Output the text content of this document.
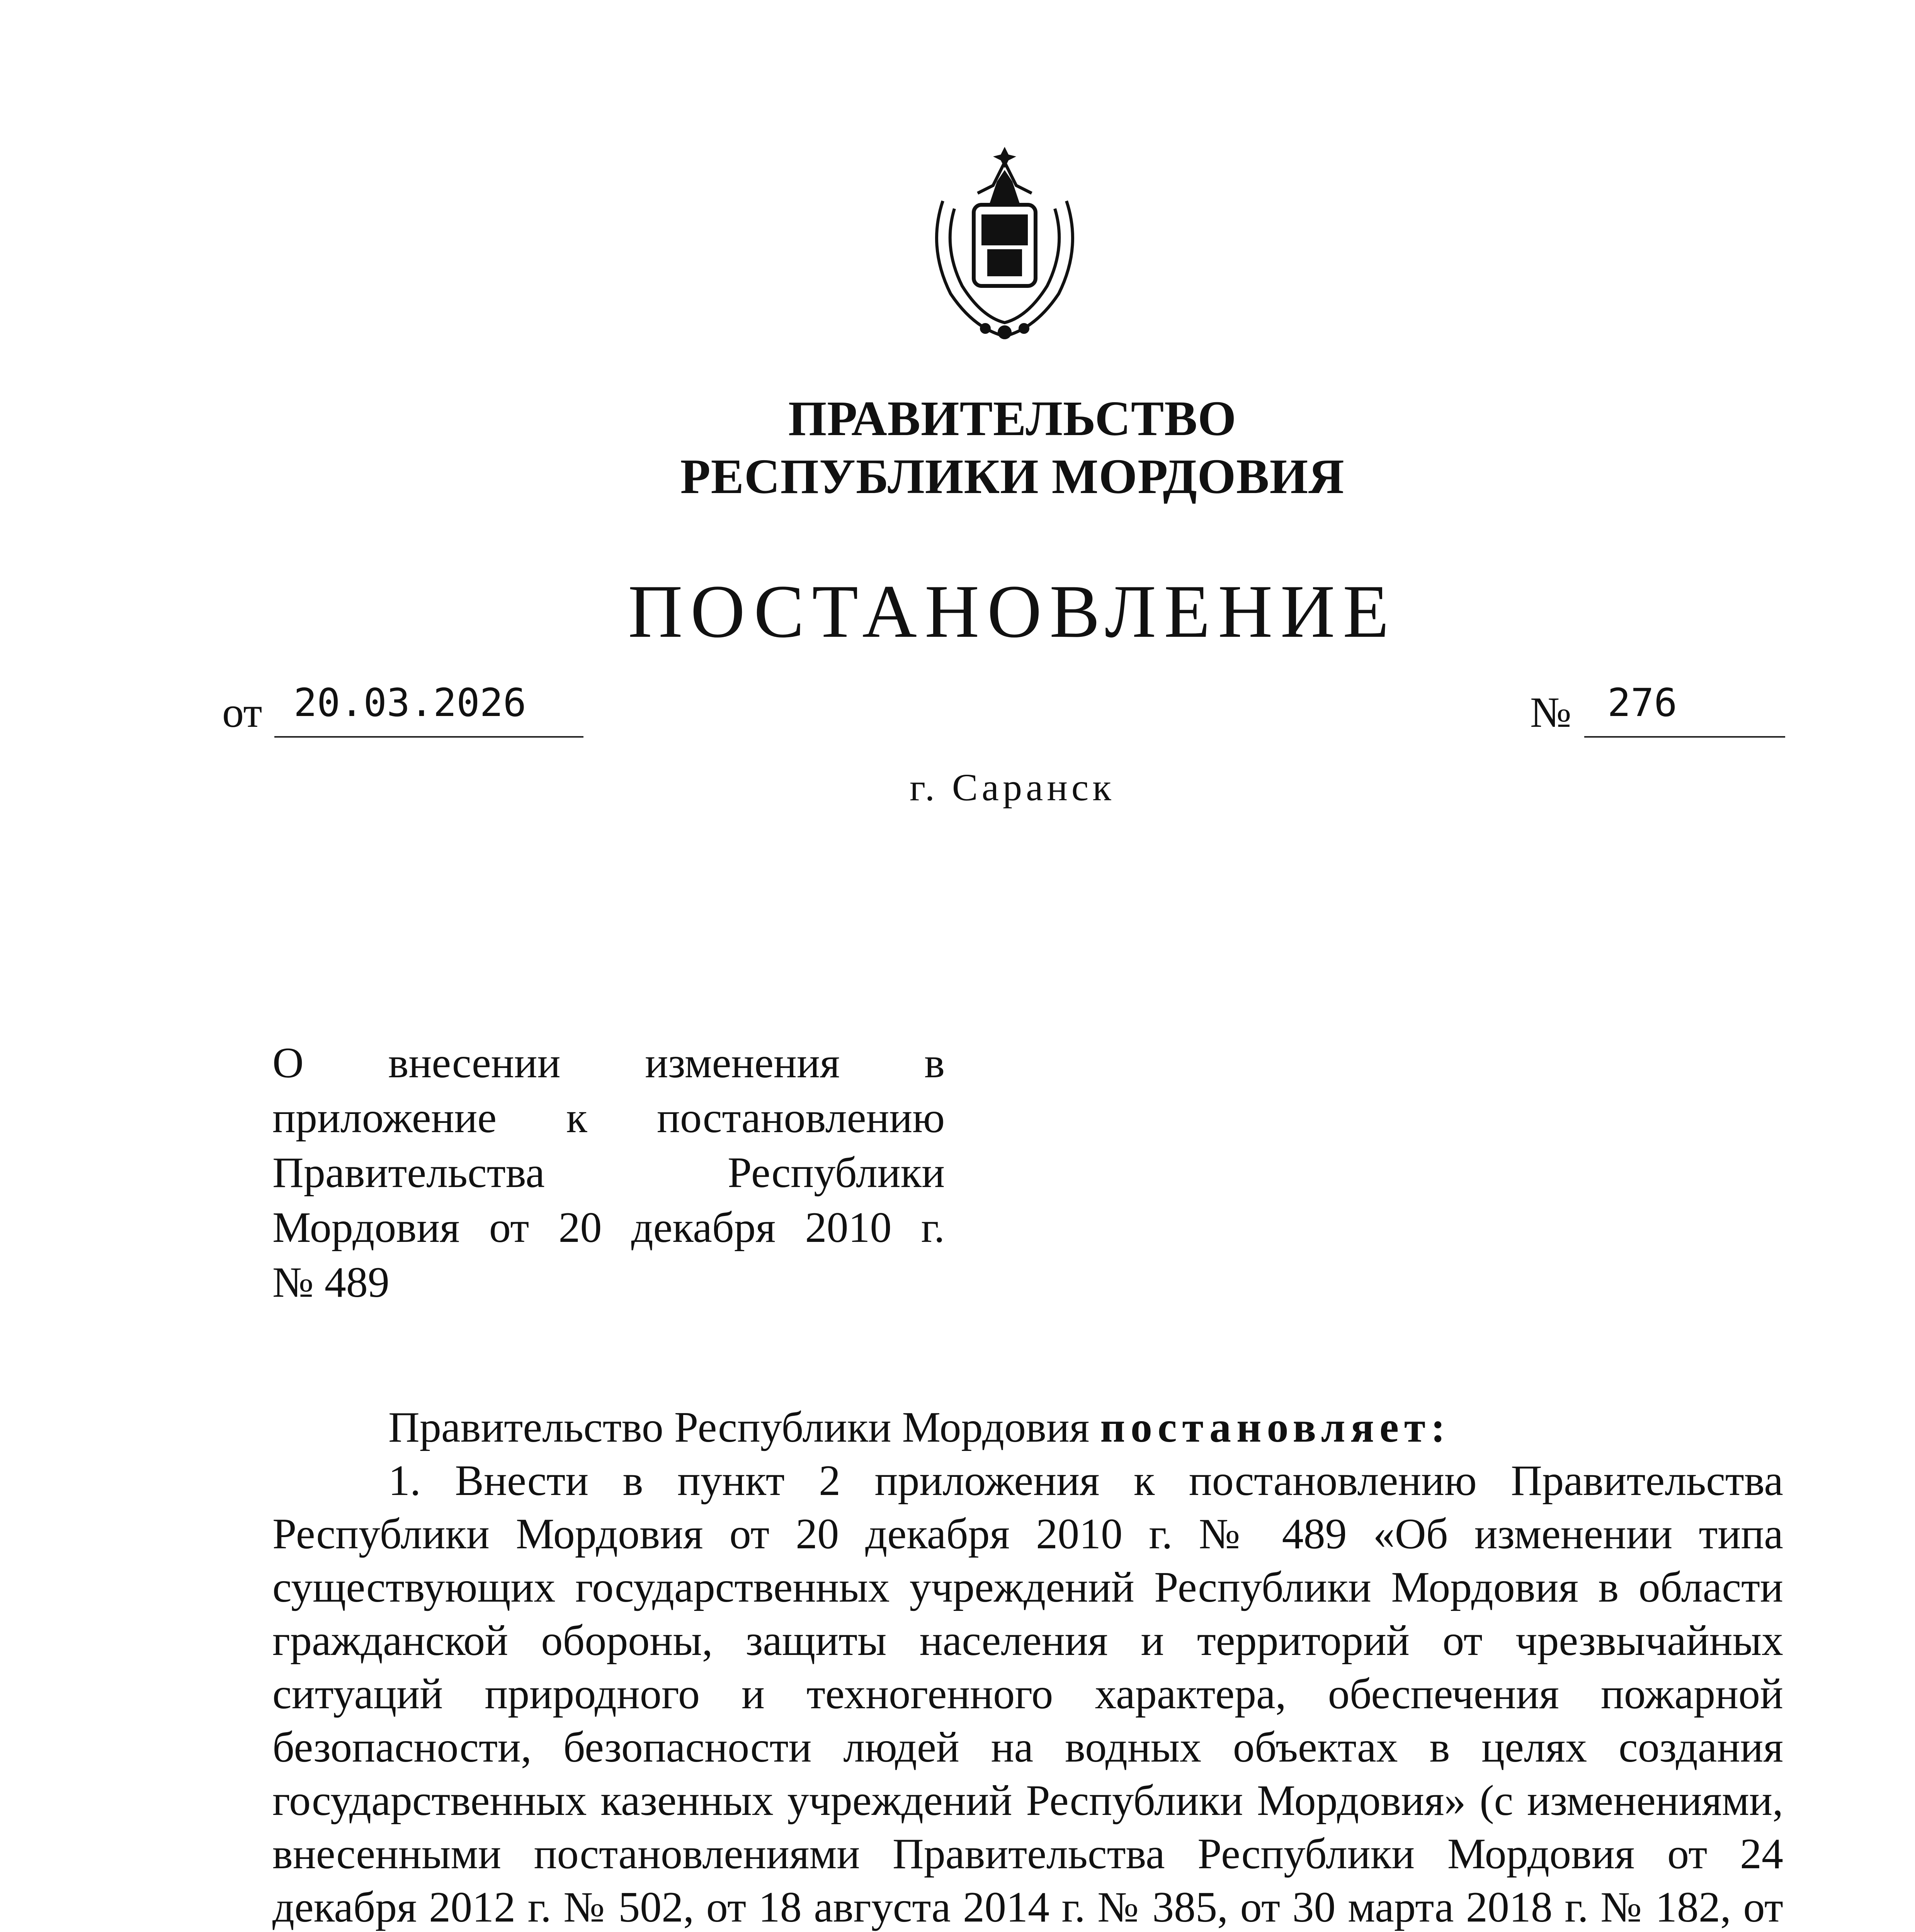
ПРАВИТЕЛЬСТВО
РЕСПУБЛИКИ МОРДОВИЯ
ПОСТАНОВЛЕНИЕ
от 20.03.2026	№ 276
г. Саранск

О внесении изменения в

приложение к постановлению

Правительства Республики

Мордовия от 20 декабря 2010 г.

№ 489

Правительство Республики Мордовия постановляет:

1. Внести в пункт 2 приложения к постановлению Правительства Республики Мордовия от 20 декабря 2010 г. № 489 «Об изменении типа существующих государственных учреждений Республики Мордовия в области гражданской обороны, защиты населения и территорий от чрезвычайных ситуаций природного и техногенного характера, обеспечения пожарной безопасности, безопасности людей на водных объектах в целях создания государственных казенных учреждений Республики Мордовия» (с изменениями, внесенными постановлениями Правительства Республики Мордовия от 24 декабря 2012 г. № 502, от 18 августа 2014 г. № 385, от 30 марта 2018 г. № 182, от
